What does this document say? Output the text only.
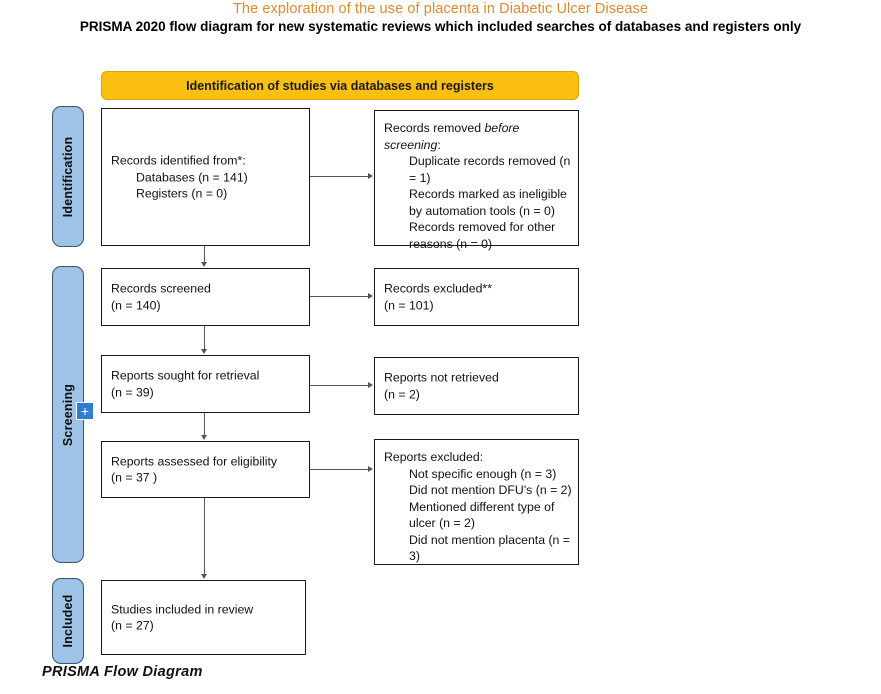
The exploration of the use of placenta in Diabetic Ulcer Disease
PRISMA 2020 flow diagram for new systematic reviews which included searches of databases and registers only
Identification of studies via databases and registers
Identification
Screening
Included
+
Records identified from*:
Databases (n = 141)
Registers (n = 0)
Records screened
(n = 140)
Reports sought for retrieval
(n = 39)
Reports assessed for eligibility
(n = 37 )
Studies included in review
(n = 27)
Records removed before screening:
Duplicate records removed (n = 1)
Records marked as ineligible by automation tools (n = 0)
Records removed for other reasons (n = 0)
Records excluded**
(n = 101)
Reports not retrieved
(n = 2)
Reports excluded:
Not specific enough (n = 3)
Did not mention DFU's (n = 2)
Mentioned different type of ulcer (n = 2)
Did not mention placenta (n = 3)
PRISMA Flow Diagram
